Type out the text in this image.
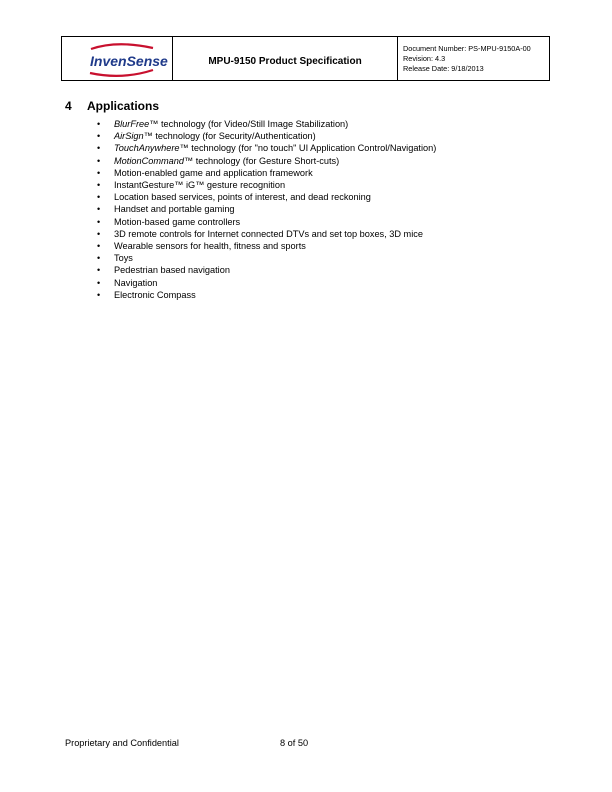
InvenSense	MPU-9150 Product Specification
Document Number: PS-MPU-9150A-00
Revision: 4.3
Release Date: 9/18/2013
4 Applications
• BlurFree™ technology (for Video/Still Image Stabilization)
• AirSign™ technology (for Security/Authentication)
• TouchAnywhere™ technology (for "no touch" UI Application Control/Navigation)
• MotionCommand™ technology (for Gesture Short-cuts)
• Motion-enabled game and application framework
• InstantGesture™ iG™ gesture recognition
• Location based services, points of interest, and dead reckoning
• Handset and portable gaming
• Motion-based game controllers
• 3D remote controls for Internet connected DTVs and set top boxes, 3D mice
• Wearable sensors for health, fitness and sports
• Toys
• Pedestrian based navigation
• Navigation
• Electronic Compass
Proprietary and Confidential	8 of 50
